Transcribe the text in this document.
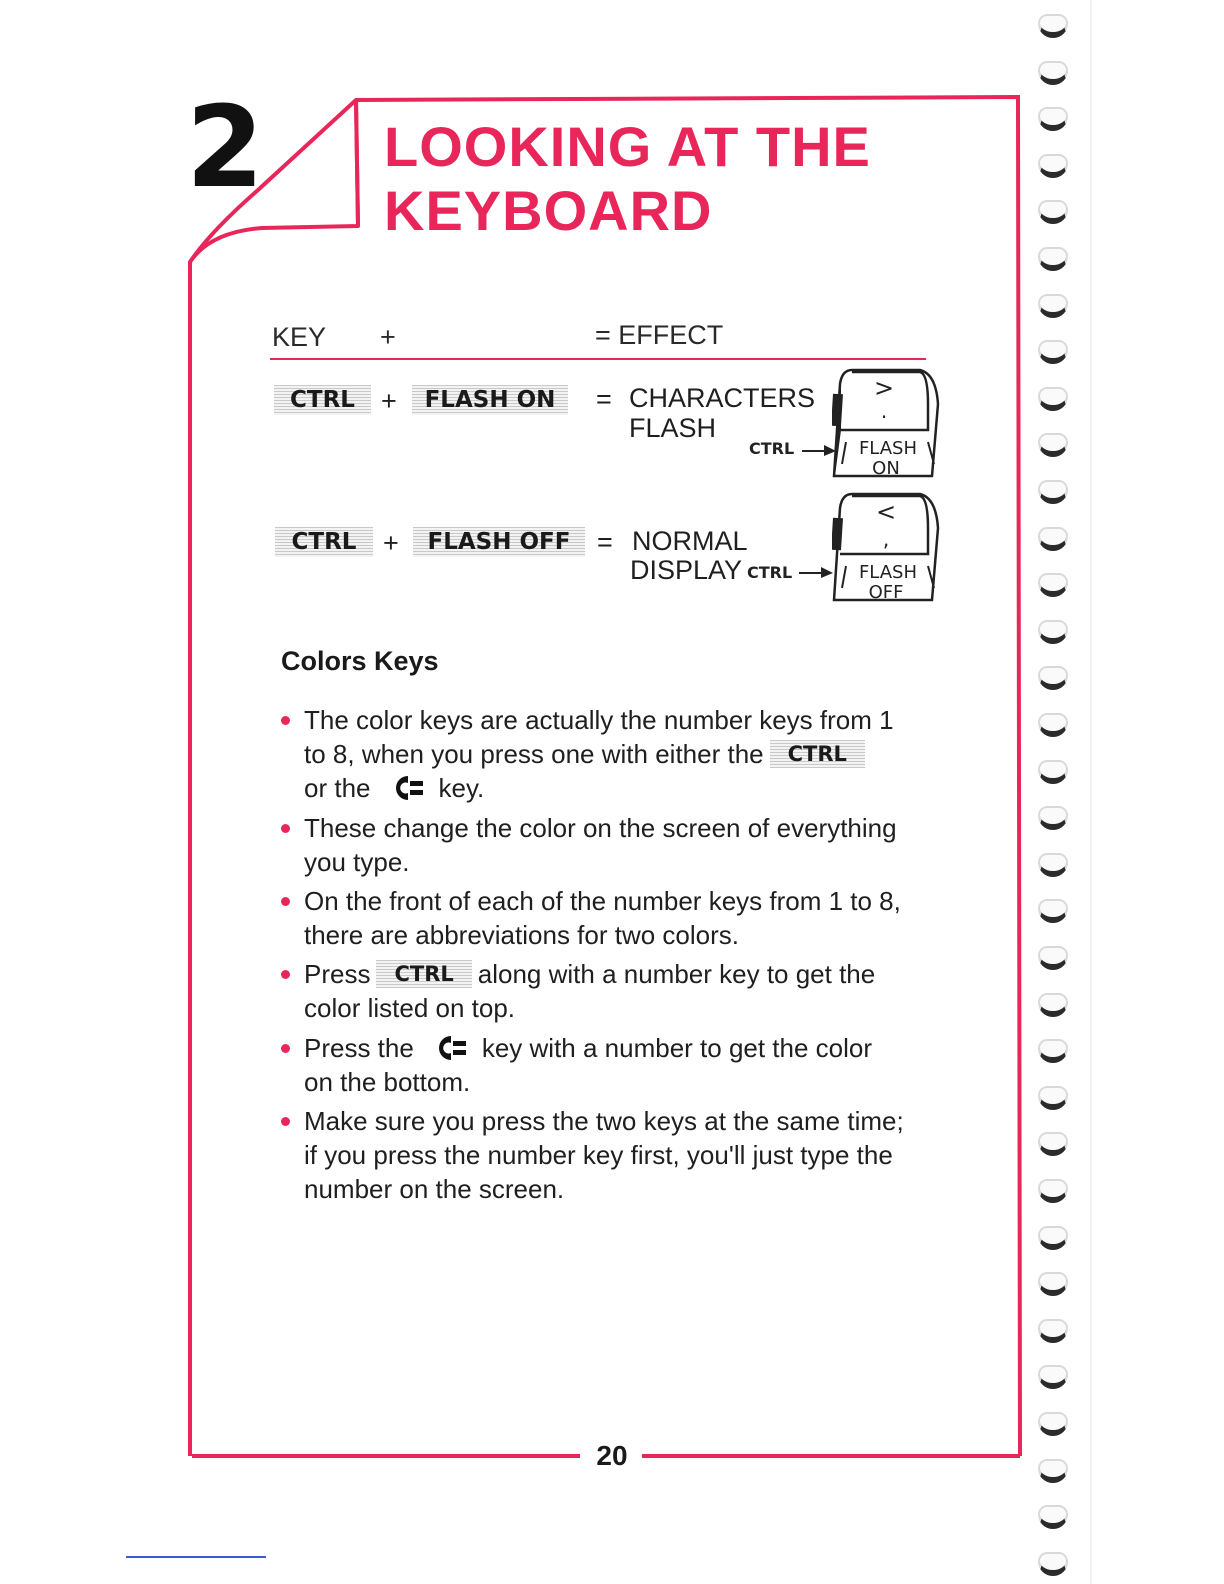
2 LOOKING AT THE
KEYBOARD
KEY +	= EFFECT
CTRL +	FLASH ON	= CHARACTERS
FLASH
CTRL
>
.
FLASH
ON
CTRL +	FLASH OFF = NORMAL
DISPLAY CTRL
<
,
FLASH
OFF
Colors Keys
The color keys are actually the number keys from 1
to 8, when you press one with either the CTRL
or the	key.
These change the color on the screen of everything
you type.
On the front of each of the number keys from 1 to 8,
there are abbreviations for two colors.
Press CTRL along with a number key to get the
color listed on top.
Press the	key with a number to get the color
on the bottom.
Make sure you press the two keys at the same time;
if you press the number key first, you'll just type the
number on the screen.
20
